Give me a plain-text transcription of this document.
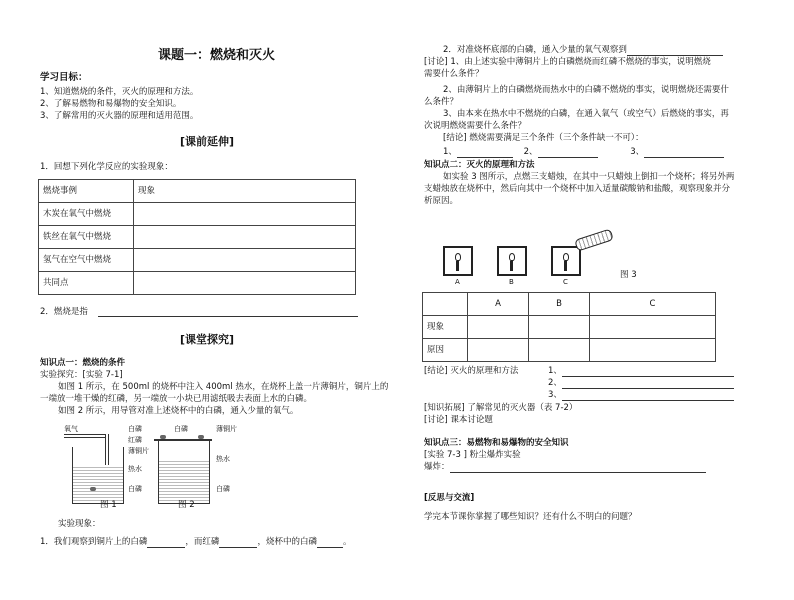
课题一：燃烧和灭火
学习目标：
1、知道燃烧的条件，灭火的原理和方法。
2、了解易燃物和易爆物的安全知识。
3、了解常用的灭火器的原理和适用范围。
[课前延伸]
1．回想下列化学反应的实验现象：
燃烧事例	现象
木炭在氧气中燃烧	
铁丝在氧气中燃烧	
氢气在空气中燃烧	
共同点	
2．燃烧是指
[课堂探究]
知识点一：燃烧的条件
实验探究：[实验 7-1]
如图 1 所示，在 500ml 的烧杯中注入 400ml 热水，在烧杯上盖一片薄铜片，铜片上的
一端放一堆干燥的红磷，另一端放一小块已用滤纸吸去表面上水的白磷。
如图 2 所示，用导管对准上述烧杯中的白磷，通入少量的氧气。
氧气	白磷
红磷
薄铜片
热水
白磷
白磷	薄铜片
热水
白磷
图 1	图 2
实验现象：
1．我们观察到铜片上的白磷	，而红磷	，烧杯中的白磷	。
2．对准烧杯底部的白磷，通入少量的氧气观察到
[讨论] 1、由上述实验中薄铜片上的白磷燃烧而红磷不燃烧的事实，说明燃烧
需要什么条件？
2、由薄铜片上的白磷燃烧而热水中的白磷不燃烧的事实，说明燃烧还需要什
么条件？
3、由本来在热水中不燃烧的白磷，在通入氧气（或空气）后燃烧的事实，再
次说明燃烧需要什么条件？
[结论] 燃烧需要满足三个条件（三个条件缺一不可）：
1、	2、	3、
知识点二：灭火的原理和方法
如实验 3 图所示，点燃三支蜡烛，在其中一只蜡烛上倒扣一个烧杯；将另外两
支蜡烛放在烧杯中，然后向其中一个烧杯中加入适量碳酸钠和盐酸，观察现象并分
析原因。
A	B	C
图 3
	A	B	C
现象			
原因			
[结论] 灭火的原理和方法	1、
2、
3、
[知识拓展] 了解常见的灭火器（表 7-2）
[讨论] 课本讨论题
知识点三：易燃物和易爆物的安全知识
[实验 7-3 ] 粉尘爆炸实验
爆炸：
[反思与交流]
学完本节课你掌握了哪些知识？还有什么不明白的问题？
